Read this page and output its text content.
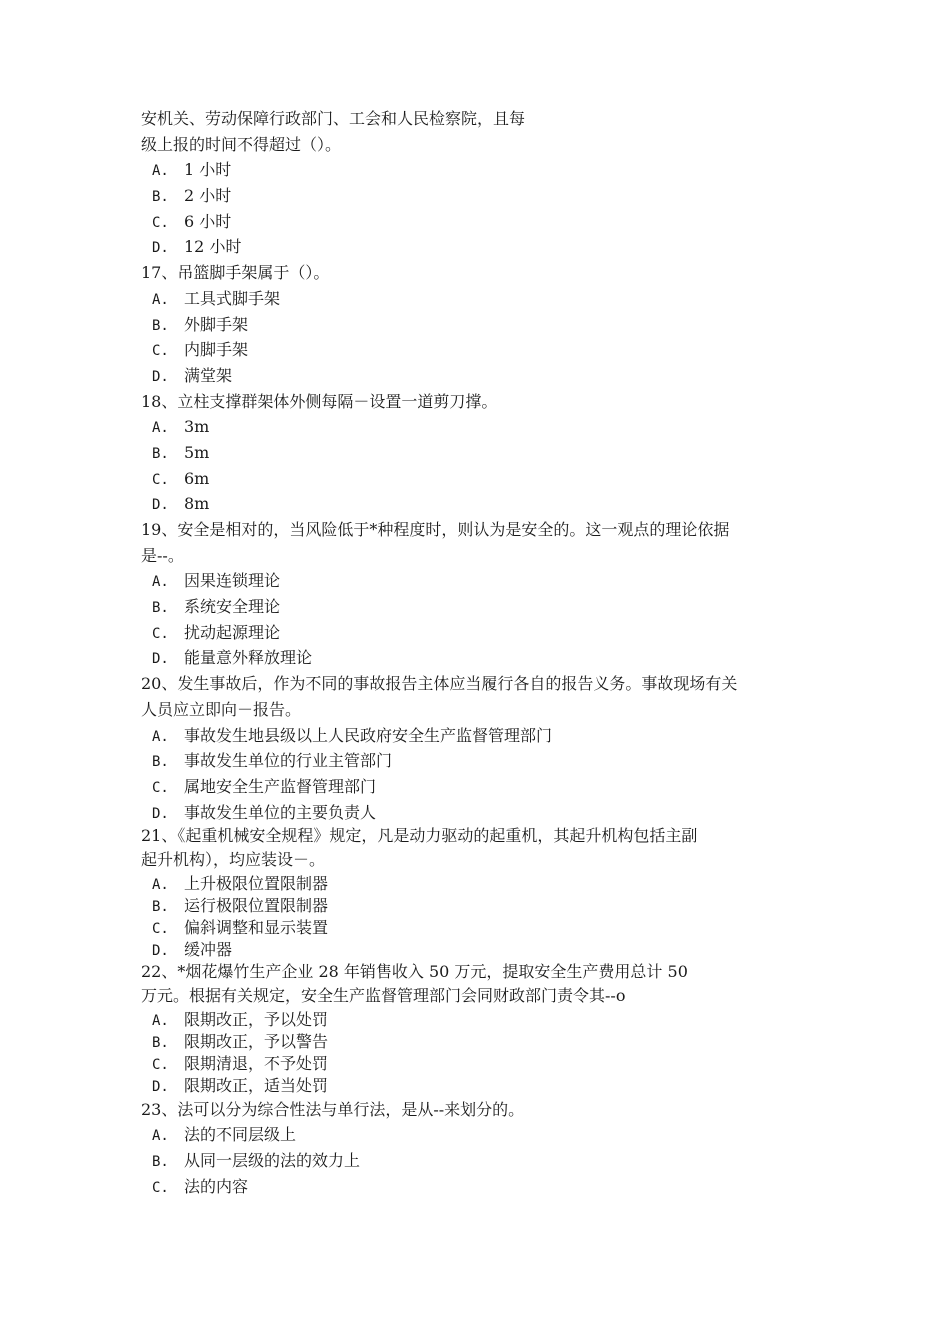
安机关、劳动保障行政部门、工会和人民检察院，且每
级上报的时间不得超过（）。
A. 1 小时
B. 2 小时
C. 6 小时
D. 12 小时
17、吊篮脚手架属于（）。
A. 工具式脚手架
B. 外脚手架
C. 内脚手架
D. 满堂架
18、立柱支撑群架体外侧每隔－设置一道剪刀撑。
A. 3m
B. 5m
C. 6m
D. 8m
19、安全是相对的，当风险低于*种程度时，则认为是安全的。这一观点的理论依据
是--。
A. 因果连锁理论
B. 系统安全理论
C. 扰动起源理论
D. 能量意外释放理论
20、发生事故后，作为不同的事故报告主体应当履行各自的报告义务。事故现场有关
人员应立即向－报告。
A. 事故发生地县级以上人民政府安全生产监督管理部门
B. 事故发生单位的行业主管部门
C. 属地安全生产监督管理部门
D. 事故发生单位的主要负责人
21、《起重机械安全规程》规定，凡是动力驱动的起重机，其起升机构包括主副
起升机构），均应装设－。
A. 上升极限位置限制器
B. 运行极限位置限制器
C. 偏斜调整和显示装置
D. 缓冲器
22、*烟花爆竹生产企业 28 年销售收入 50 万元，提取安全生产费用总计 50
万元。根据有关规定，安全生产监督管理部门会同财政部门责令其--o
A. 限期改正，予以处罚
B. 限期改正，予以警告
C. 限期清退，不予处罚
D. 限期改正，适当处罚
23、法可以分为综合性法与单行法，是从--来划分的。
A. 法的不同层级上
B. 从同一层级的法的效力上
C. 法的内容
